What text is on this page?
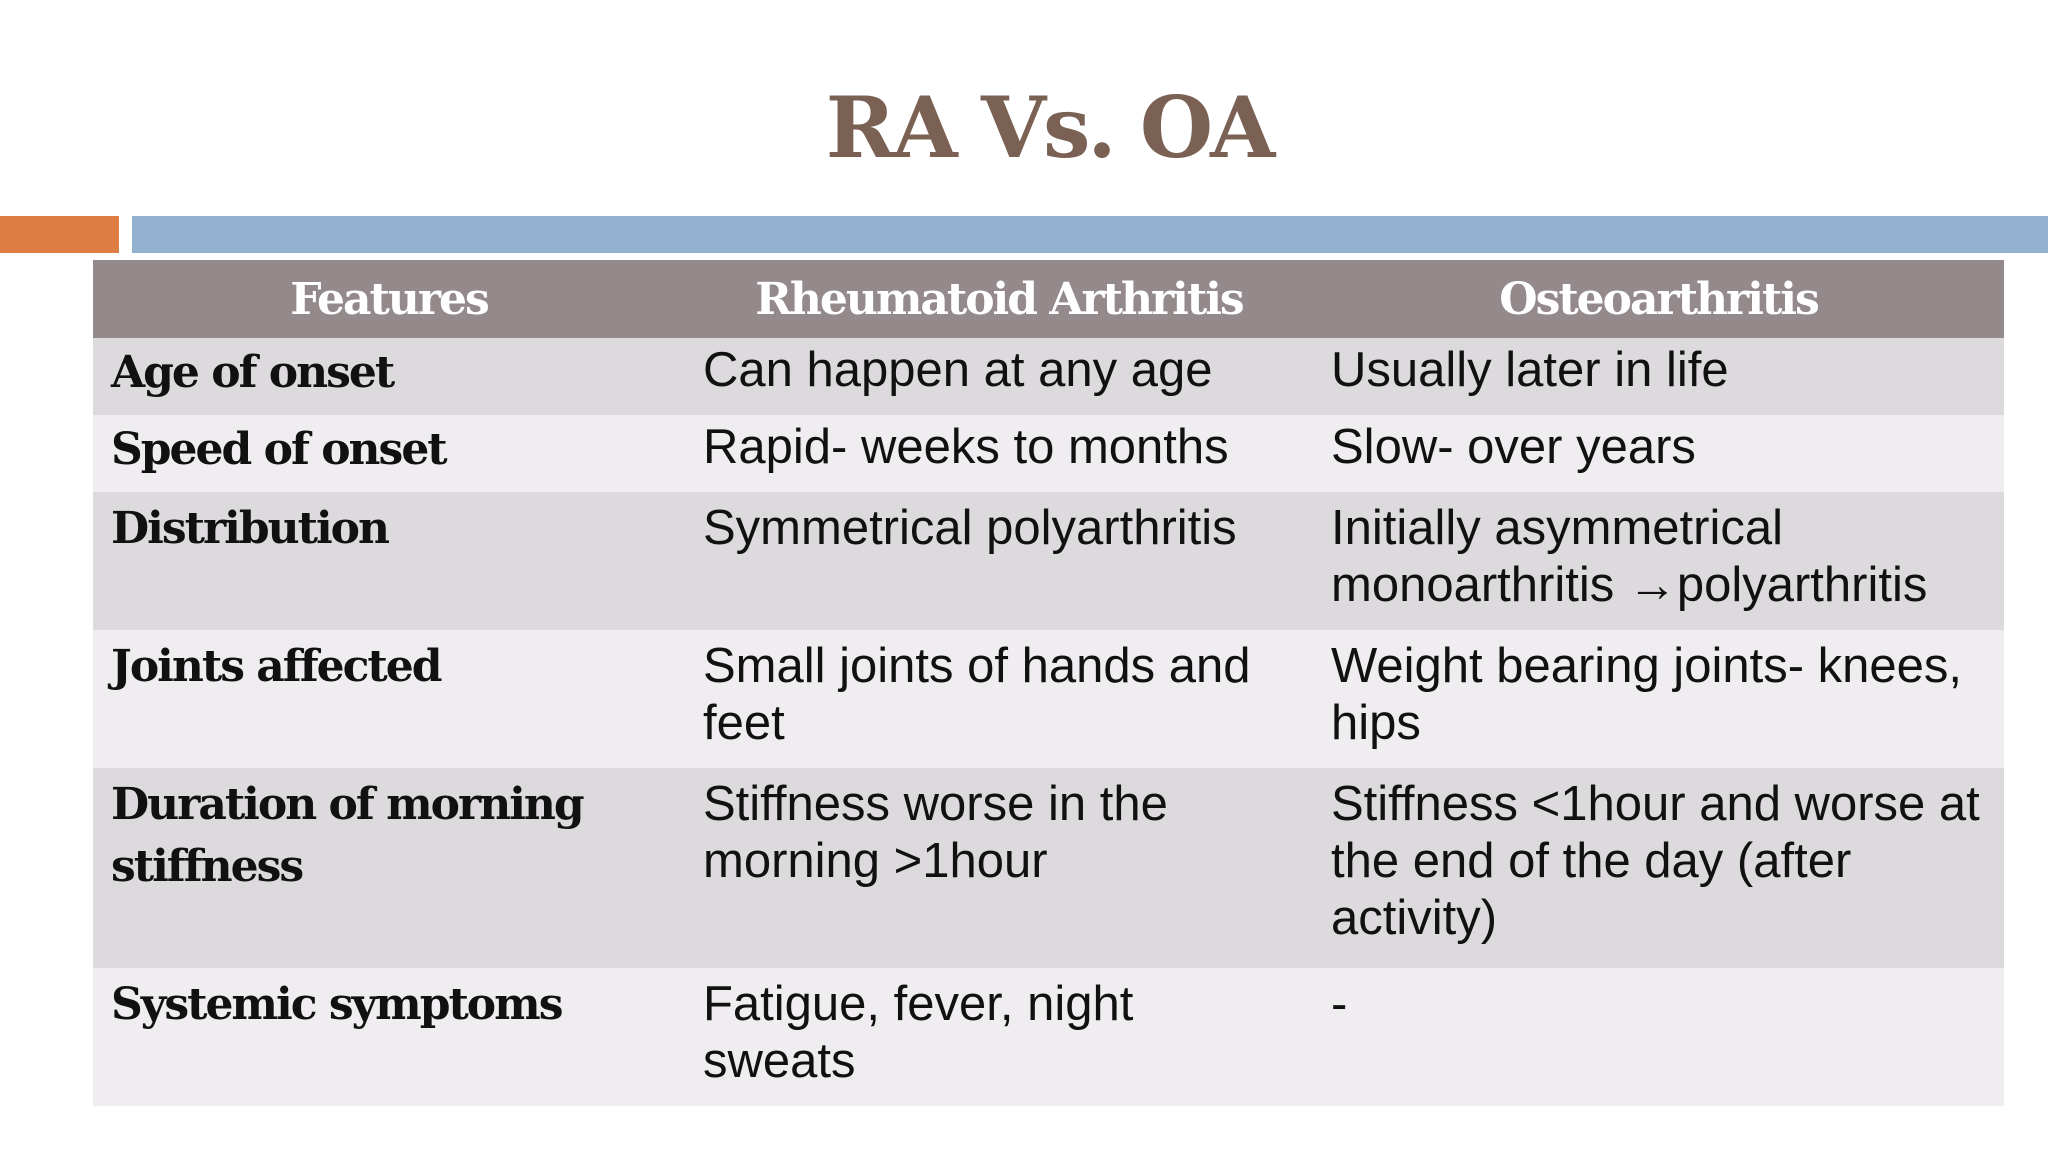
RA Vs. OA
Features	Rheumatoid Arthritis	Osteoarthritis
Age of onset	Can happen at any age	Usually later in life
Speed of onset	Rapid- weeks to months	Slow- over years
Distribution	Symmetrical polyarthritis	Initially asymmetrical monoarthritis →polyarthritis
Joints affected	Small joints of hands and feet	Weight bearing joints- knees, hips
Duration of morning stiffness	Stiffness worse in the morning >1hour	Stiffness <1hour and worse at the end of the day (after activity)
Systemic symptoms	Fatigue, fever, night sweats	-
